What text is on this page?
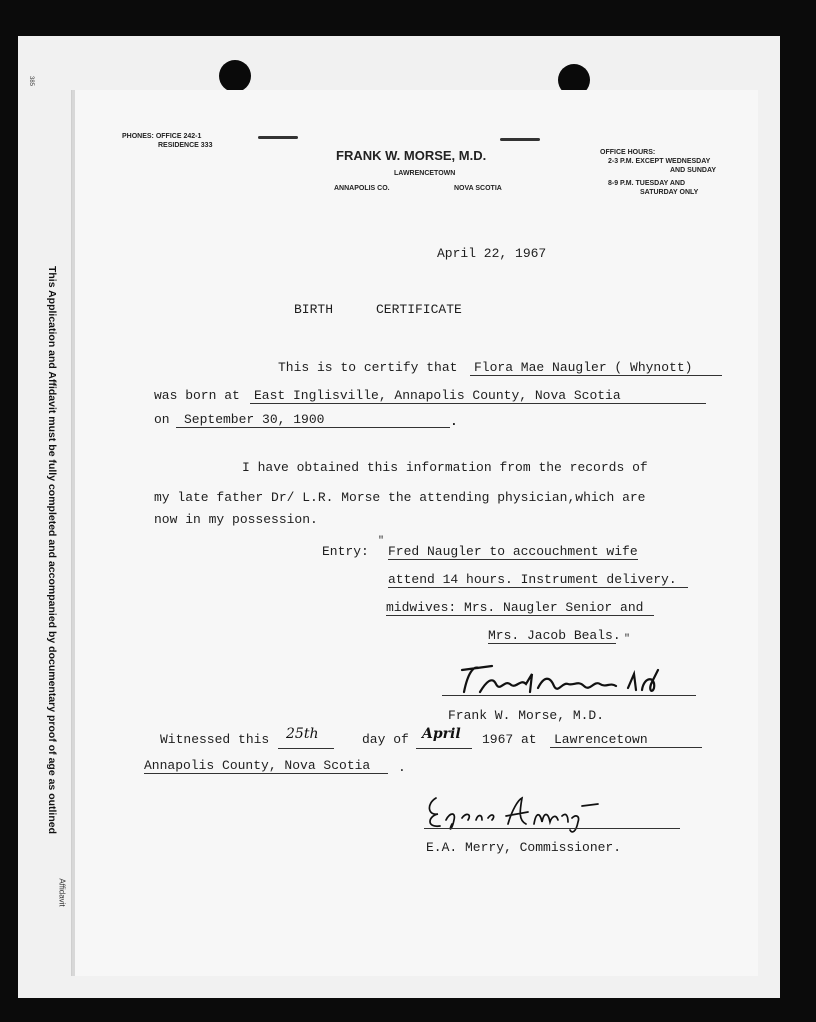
385
This Application and Affidavit must be fully completed and accompanied by documentary proof of age as outlined
Affidavit
PHONES: OFFICE 242-1
RESIDENCE 333
FRANK W. MORSE, M.D.
LAWRENCETOWN
ANNAPOLIS CO.	NOVA SCOTIA
OFFICE HOURS:
2-3 P.M. EXCEPT WEDNESDAY
AND SUNDAY
8-9 P.M. TUESDAY AND
SATURDAY ONLY
April 22, 1967
BIRTH	CERTIFICATE
This is to certify that	Flora Mae Naugler ( Whynott)
was born at	East Inglisville, Annapolis County, Nova Scotia
on	September 30, 1900	.
I have obtained this information from the records of
my late father Dr/ L.R. Morse the attending physician,which are
now in my possession.
Entry:
"
Fred Naugler to accouchment wife
attend 14 hours. Instrument delivery.
midwives: Mrs. Naugler Senior and
Mrs. Jacob Beals. "
Frank W. Morse M.D.
Frank W. Morse, M.D.
Witnessed this 25th	day of April 1967 at	Lawrencetown
Annapolis County, Nova Scotia	.
Eugene A Merry
E.A. Merry, Commissioner.
